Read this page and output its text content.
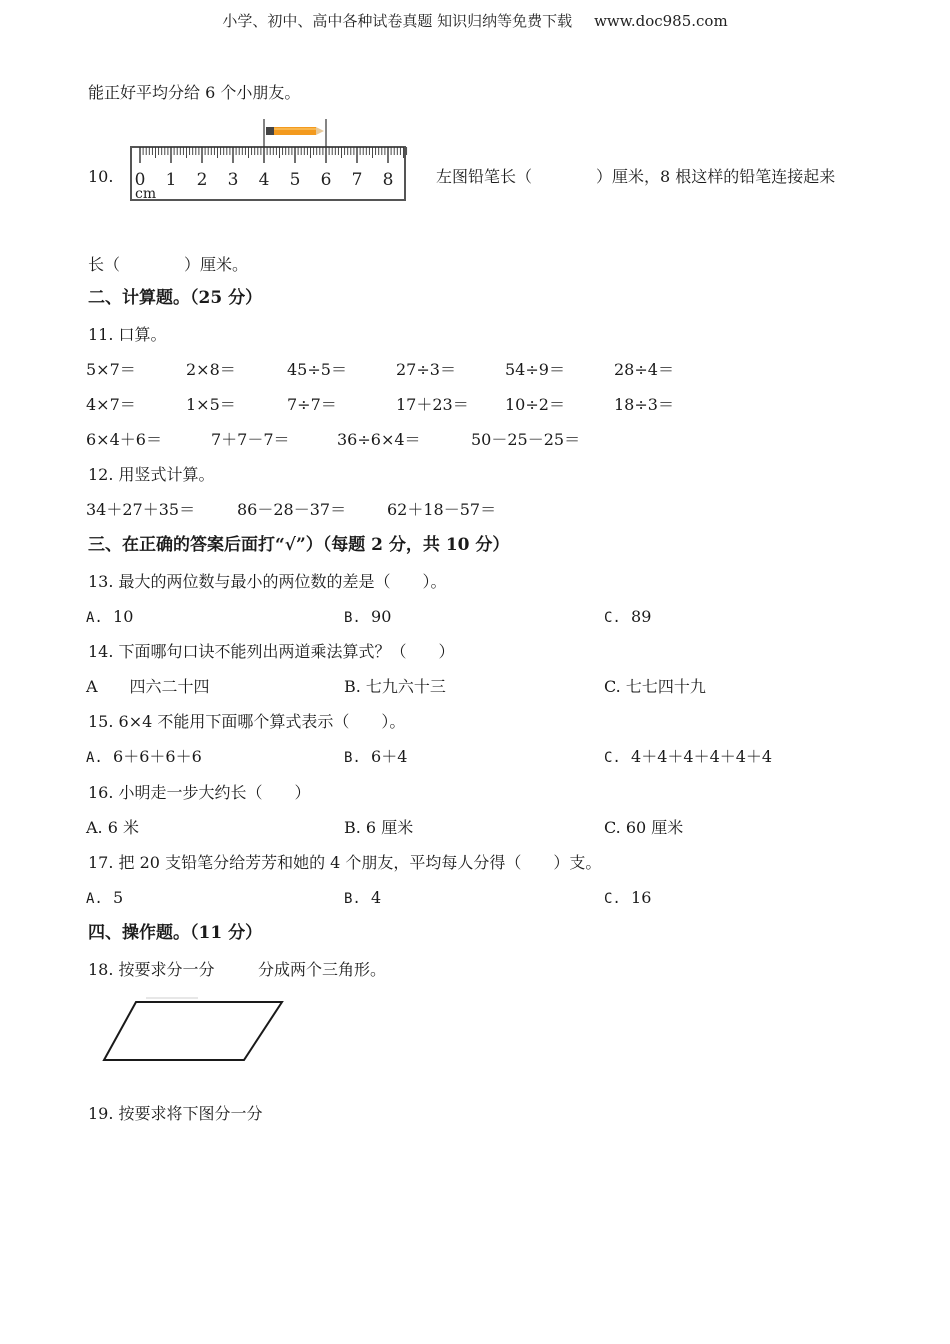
小学、初中、高中各种试卷真题 知识归纳等免费下载 www.doc985.com
能正好平均分给 6 个小朋友。
10. 0 1 2 3 4 5 6 7 8
cm
左图铅笔长（　　　　）厘米，8 根这样的铅笔连接起来
长（　　　　）厘米。
二、计算题。（25 分）
11. 口算。
5×7＝	2×8＝	45÷5＝	27÷3＝	54÷9＝	28÷4＝
4×7＝	1×5＝	7÷7＝	17＋23＝ 10÷2＝	18÷3＝
6×4＋6＝	7＋7－7＝	36÷6×4＝	50－25－25＝
12. 用竖式计算。
34＋27＋35＝	86－28－37＝	62＋18－57＝
三、在正确的答案后面打“√”）（每题 2 分，共 10 分）
13. 最大的两位数与最小的两位数的差是（　　）。
A. 10	B. 90	C. 89
14. 下面哪句口诀不能列出两道乘法算式？（　　）
A　　四六二十四	B. 七九六十三	C. 七七四十九
15. 6×4 不能用下面哪个算式表示（　　）。
A. 6＋6＋6＋6	B. 6＋4	C. 4＋4＋4＋4＋4＋4
16. 小明走一步大约长（　　）
A. 6 米	B. 6 厘米	C. 60 厘米
17. 把 20 支铅笔分给芳芳和她的 4 个朋友，平均每人分得（　　）支。
A. 5	B. 4	C. 16
四、操作题。（11 分）
18. 按要求分一分	分成两个三角形。
19. 按要求将下图分一分
